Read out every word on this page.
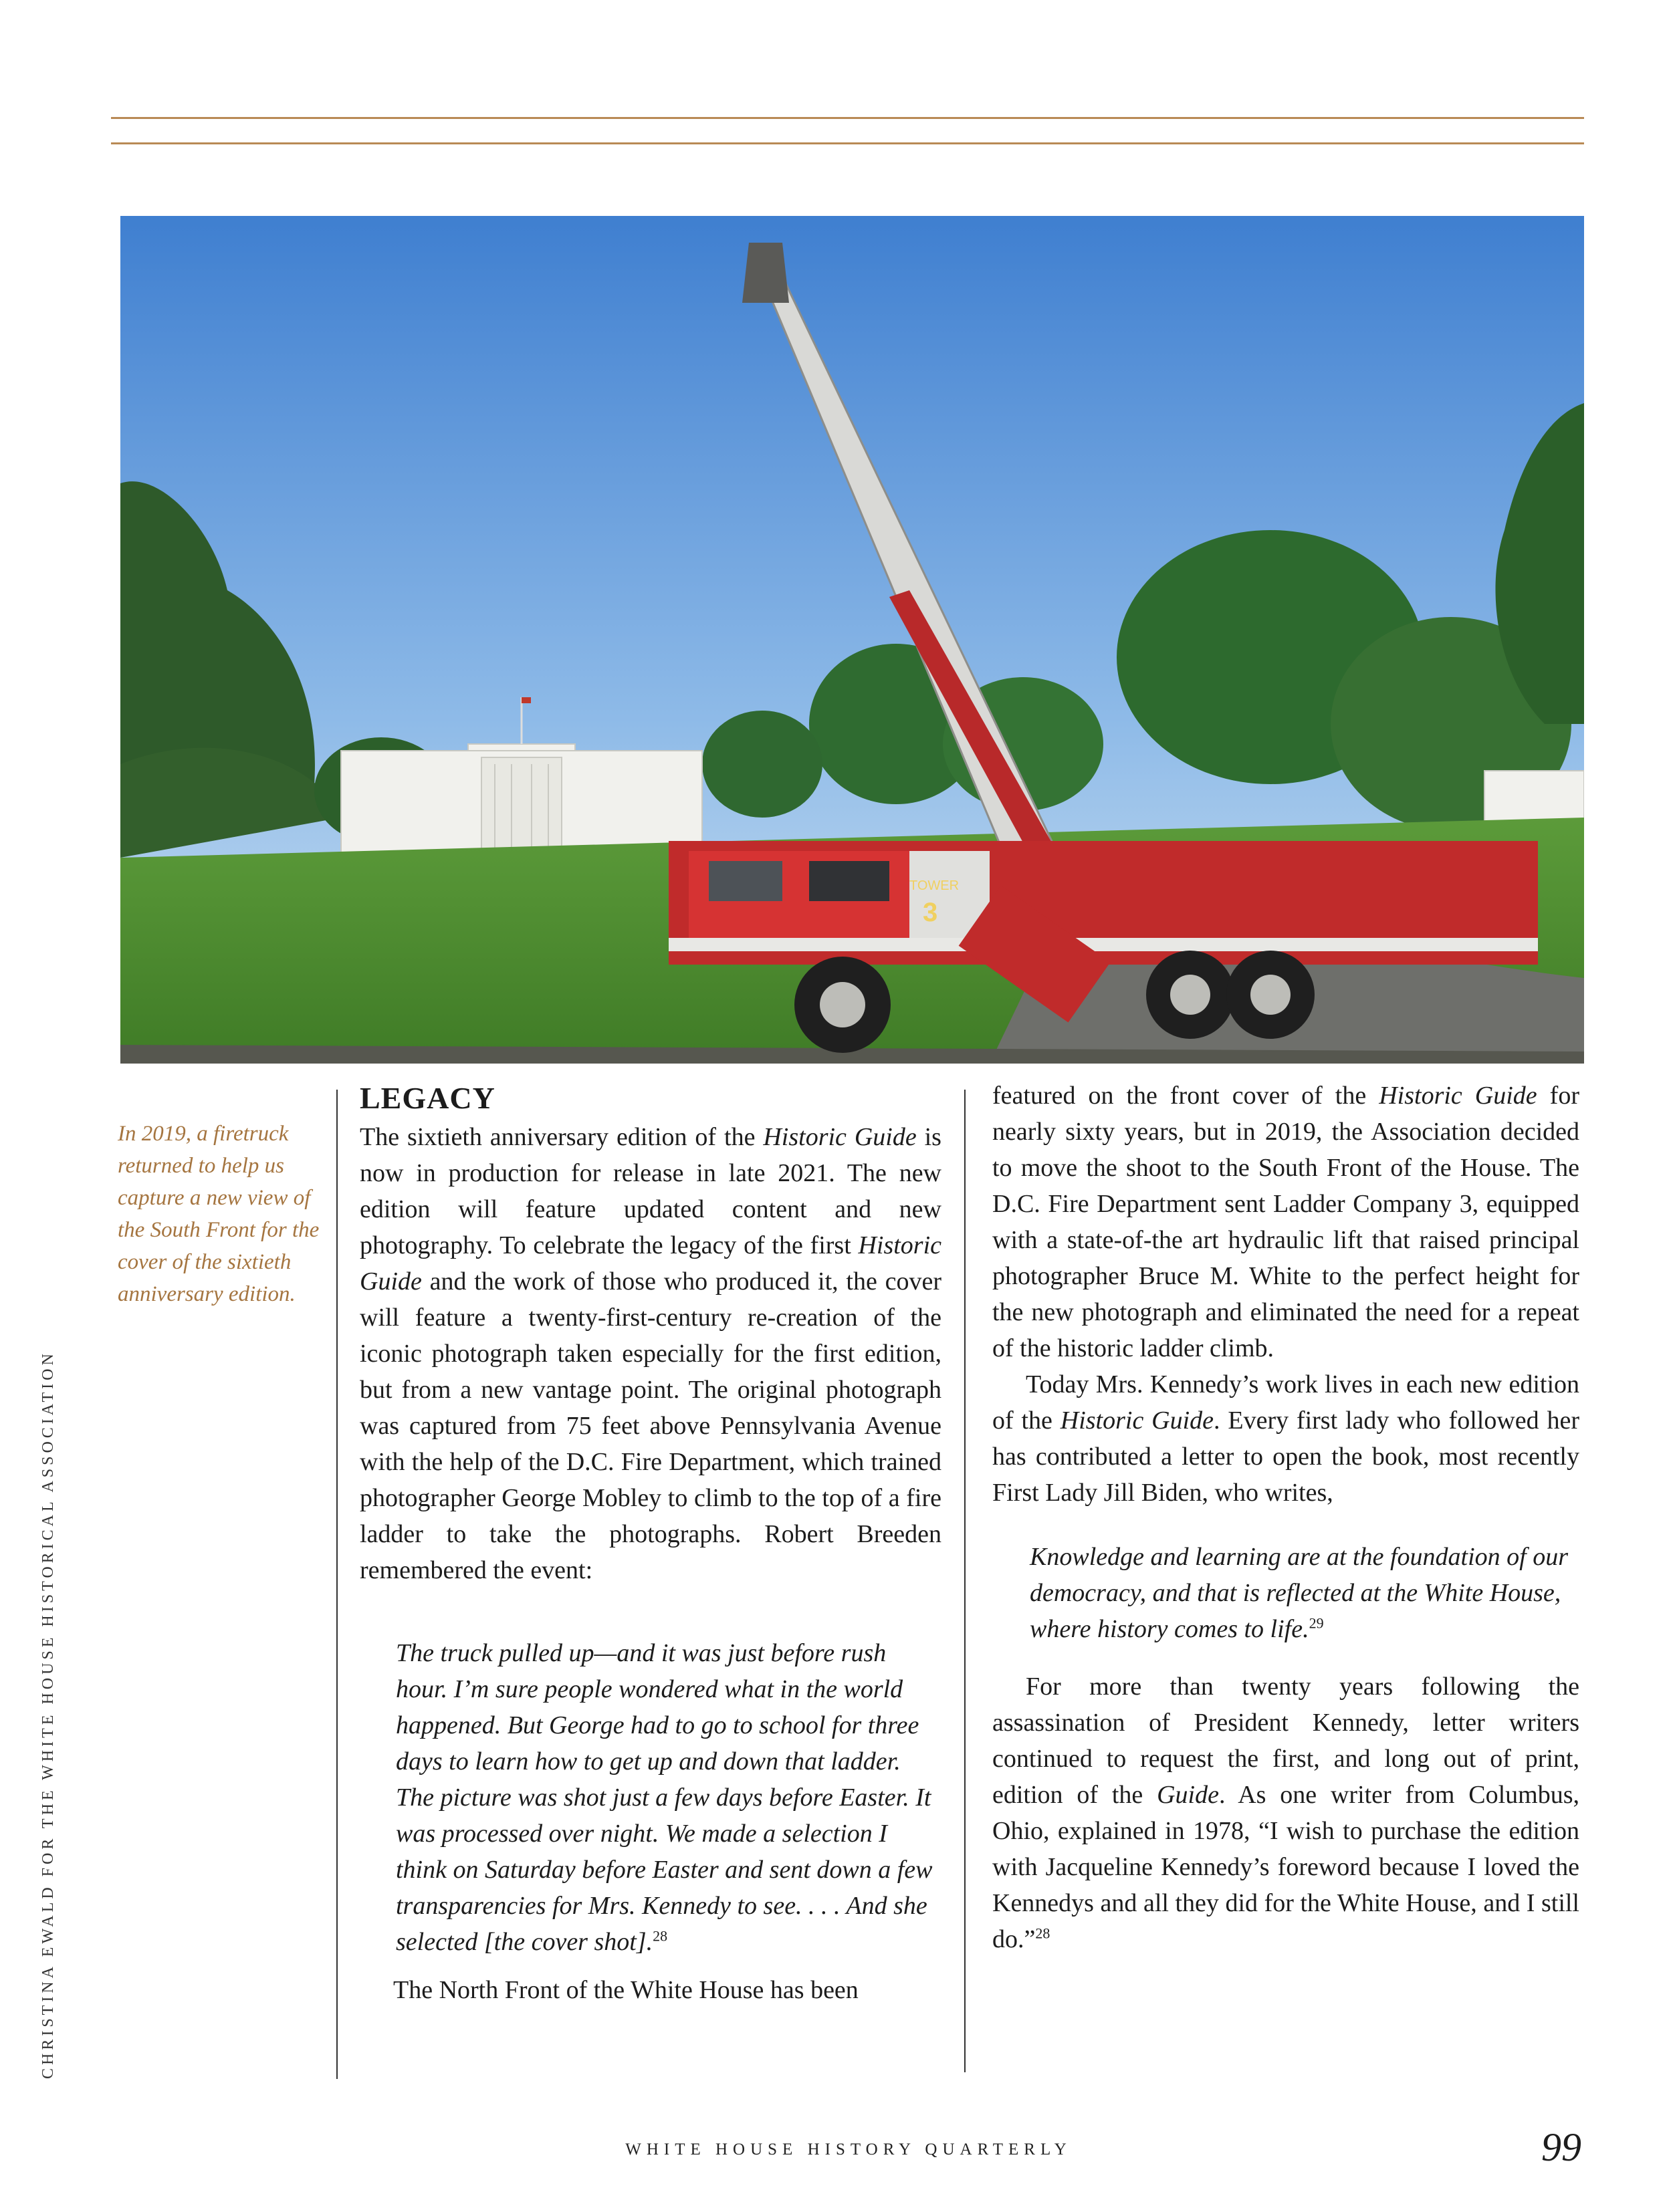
TOWER
3
In 2019, a firetruck returned to help us capture a new view of the South Front for the cover of the sixtieth anniversary edition.
CHRISTINA EWALD FOR THE WHITE HOUSE HISTORICAL ASSOCIATION
LEGACY

The sixtieth anniversary edition of the Historic Guide is now in production for release in late 2021. The new edition will feature updated content and new photography. To celebrate the legacy of the first Historic Guide and the work of those who produced it, the cover will feature a twenty-first-century re-creation of the iconic photograph taken especially for the first edition, but from a new vantage point. The original photograph was captured from 75 feet above Pennsylvania Avenue with the help of the D.C. Fire Department, which trained photographer George Mobley to climb to the top of a fire ladder to take the photographs. Robert Breeden remembered the event:

The truck pulled up—and it was just before rush hour. I’m sure people wondered what in the world happened. But George had to go to school for three days to learn how to get up and down that ladder. The picture was shot just a few days before Easter. It was processed over night. We made a selection I think on Saturday before Easter and sent down a few transparencies for Mrs. Kennedy to see. . . . And she selected [the cover shot].$^{28}$

The North Front of the White House has been

featured on the front cover of the Historic Guide for nearly sixty years, but in 2019, the Association decided to move the shoot to the South Front of the House. The D.C. Fire Department sent Ladder Company 3, equipped with a state-of-the art hydraulic lift that raised principal photographer Bruce M. White to the perfect height for the new photograph and eliminated the need for a repeat of the historic ladder climb.

Today Mrs. Kennedy’s work lives in each new edition of the Historic Guide. Every first lady who followed her has contributed a letter to open the book, most recently First Lady Jill Biden, who writes,

Knowledge and learning are at the foundation of our democracy, and that is reflected at the White House, where history comes to life.$^{29}$

For more than twenty years following the assassination of President Kennedy, letter writers continued to request the first, and long out of print, edition of the Guide. As one writer from Columbus, Ohio, explained in 1978, “I wish to purchase the edition with Jacqueline Kennedy’s foreword because I loved the Kennedys and all they did for the White House, and I still do.”$^{28}$

WHITE HOUSE HISTORY QUARTERLY	99
